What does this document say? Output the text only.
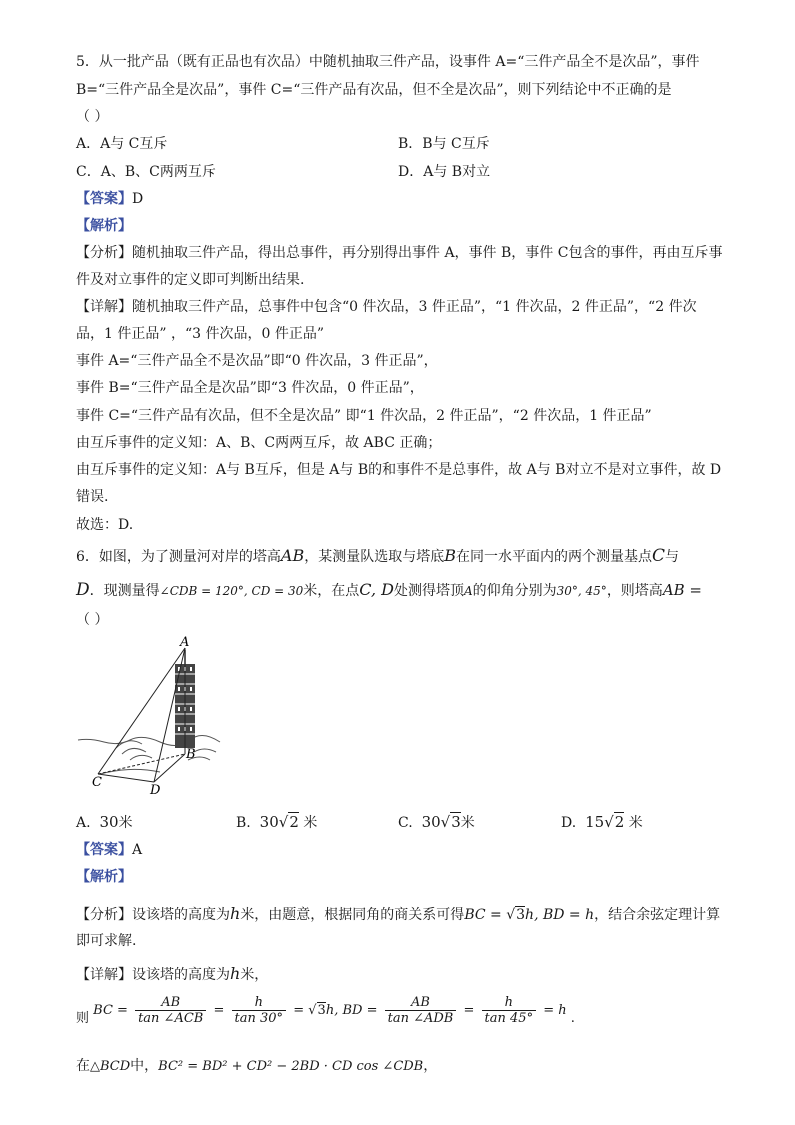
5．从一批产品（既有正品也有次品）中随机抽取三件产品，设事件 A=“三件产品全不是次品”，事件
B=“三件产品全是次品”，事件 C=“三件产品有次品，但不全是次品”，则下列结论中不正确的是
（ ）
A．A与 C互斥	B．B与 C互斥
C．A、B、C两两互斥	D．A与 B对立
【答案】D
【解析】
【分析】随机抽取三件产品，得出总事件，再分别得出事件 A，事件 B，事件 C包含的事件，再由互斥事
件及对立事件的定义即可判断出结果.
【详解】随机抽取三件产品，总事件中包含“0 件次品，3 件正品”，“1 件次品，2 件正品”，“2 件次
品，1 件正品” ，“3 件次品，0 件正品”
事件 A=“三件产品全不是次品”即“0 件次品，3 件正品”，
事件 B=“三件产品全是次品”即“3 件次品，0 件正品”，
事件 C=“三件产品有次品，但不全是次品” 即“1 件次品，2 件正品”，“2 件次品，1 件正品”
由互斥事件的定义知：A、B、C两两互斥，故 ABC 正确；
由互斥事件的定义知：A与 B互斥，但是 A与 B的和事件不是总事件，故 A与 B对立不是对立事件，故 D
错误.
故选：D.
6．如图，为了测量河对岸的塔高AB，某测量队选取与塔底B在同一水平面内的两个测量基点C与
D．现测量得∠CDB = 120°, CD = 30米，在点C, D处测得塔顶A的仰角分别为30°, 45°，则塔高AB =
（ ）
A
B
C
D
A. 30米	B. 30√2 米	C. 30√3米	D. 15√2 米
【答案】A
【解析】
【分析】设该塔的高度为h米，由题意，根据同角的商关系可得BC = √3h, BD = h，结合余弦定理计算
即可求解.
【详解】设该塔的高度为h米，
则 BC = $\frac{AB}{\text{tan ∠ACB}} = \frac{h}{\tan 30^\circ} = √3h$, BD = $\frac{AB}{\text{tan ∠ADB}} = \frac{h}{\tan 45^\circ} = h$ .
在△BCD中，BC² = BD² + CD² − 2BD · CD cos ∠CDB，
